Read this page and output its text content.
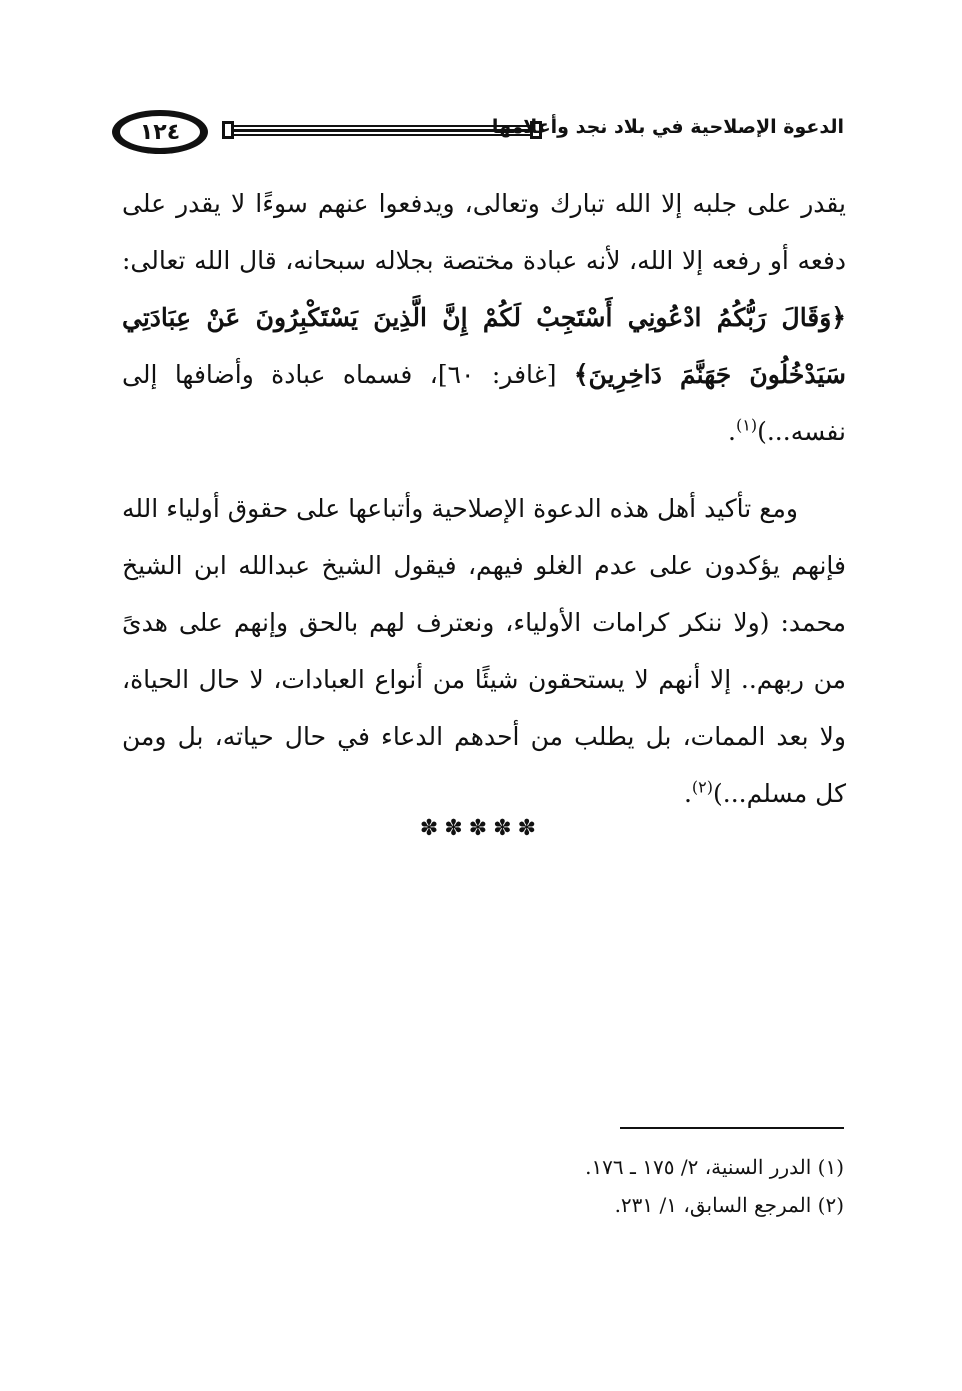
١٢٤	الدعوة الإصلاحية في بلاد نجد وأعلامها

يقدر على جلبه إلا الله تبارك وتعالى، ويدفعوا عنهم سوءًا لا يقدر على دفعه أو رفعه إلا الله، لأنه عبادة مختصة بجلاله سبحانه، قال الله تعالى: ﴿وَقَالَ رَبُّكُمُ ادْعُونِي أَسْتَجِبْ لَكُمْ إِنَّ الَّذِينَ يَسْتَكْبِرُونَ عَنْ عِبَادَتِي سَيَدْخُلُونَ جَهَنَّمَ دَاخِرِينَ﴾ [غافر: ٦٠]، فسماه عبادة وأضافها إلى نفسه...)$^{(١)}$.

ومع تأكيد أهل هذه الدعوة الإصلاحية وأتباعها على حقوق أولياء الله فإنهم يؤكدون على عدم الغلو فيهم، فيقول الشيخ عبدالله ابن الشيخ محمد: (ولا ننكر كرامات الأولياء، ونعترف لهم بالحق وإنهم على هدىً من ربهم.. إلا أنهم لا يستحقون شيئًا من أنواع العبادات، لا حال الحياة، ولا بعد الممات، بل يطلب من أحدهم الدعاء في حال حياته، بل ومن كل مسلم...)$^{(٢)}$.

✽✽✽✽✽
(١) الدرر السنية، ٢/ ١٧٥ ـ ١٧٦.
(٢) المرجع السابق، ١/ ٢٣١.
